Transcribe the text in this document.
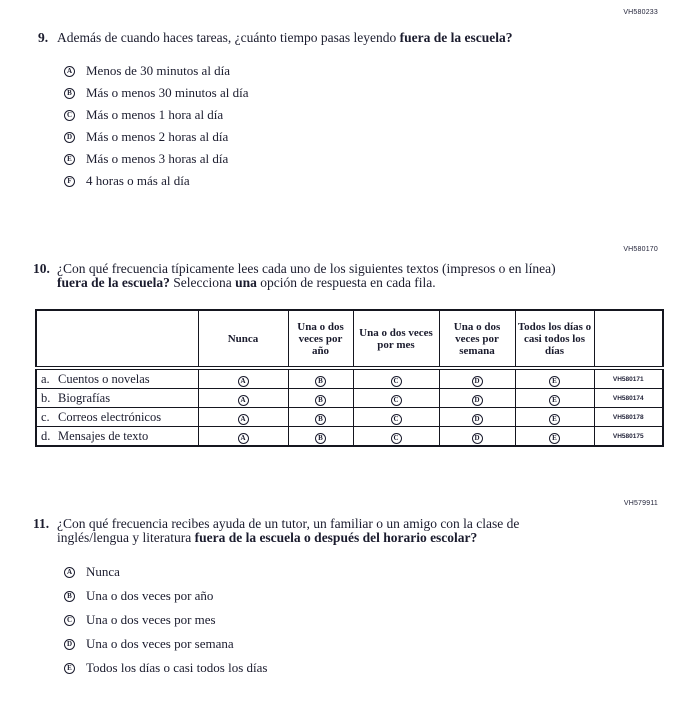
VH580233
9. Además de cuando haces tareas, ¿cuánto tiempo pasas leyendo fuera de la escuela?
A Menos de 30 minutos al día
B Más o menos 30 minutos al día
C Más o menos 1 hora al día
D Más o menos 2 horas al día
E Más o menos 3 horas al día
F 4 horas o más al día
VH580170
10. ¿Con qué frecuencia típicamente lees cada uno de los siguientes textos (impresos o en línea) fuera de la escuela? Selecciona una opción de respuesta en cada fila.
	Nunca	Una o dos veces por año	Una o dos veces por mes	Una o dos veces por semana	Todos los días o casi todos los días	
a. Cuentos o novelas	A	B	C	D	E	VH580171
b. Biografías	A	B	C	D	E	VH580174
c. Correos electrónicos	A	B	C	D	E	VH580178
d. Mensajes de texto	A	B	C	D	E	VH580175
VH579911
11. ¿Con qué frecuencia recibes ayuda de un tutor, un familiar o un amigo con la clase de inglés/lengua y literatura fuera de la escuela o después del horario escolar?
A Nunca
B Una o dos veces por año
C Una o dos veces por mes
D Una o dos veces por semana
E Todos los días o casi todos los días
